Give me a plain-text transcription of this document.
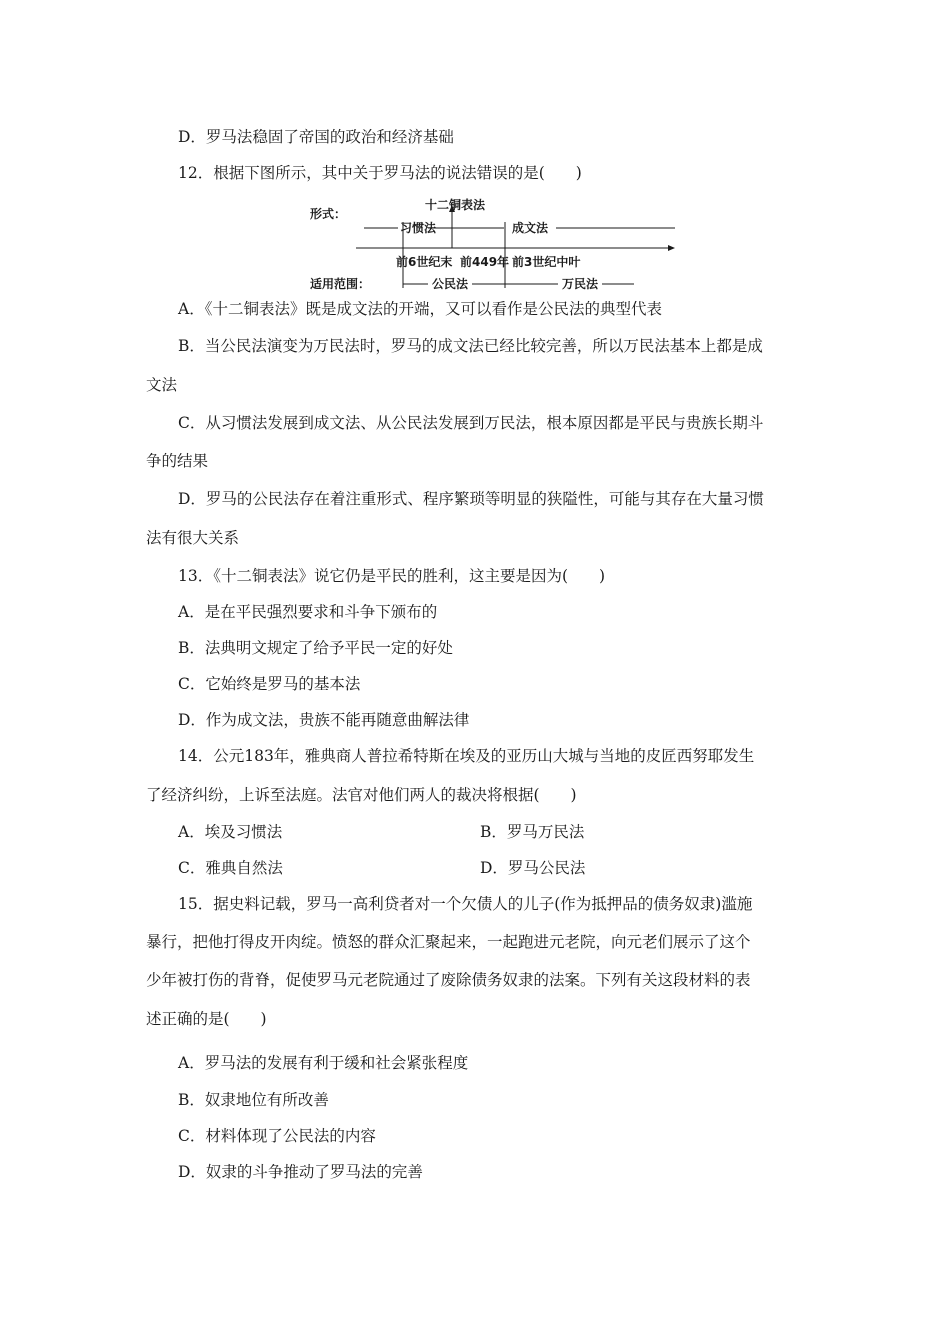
D．罗马法稳固了帝国的政治和经济基础
12．根据下图所示，其中关于罗马法的说法错误的是(　　)
形式：
十二铜表法
习惯法	成文法
前6世纪末 前449年 前3世纪中叶
适用范围：	公民法	万民法
A．《十二铜表法》既是成文法的开端，又可以看作是公民法的典型代表
B．当公民法演变为万民法时，罗马的成文法已经比较完善，所以万民法基本上都是成
文法
C．从习惯法发展到成文法、从公民法发展到万民法，根本原因都是平民与贵族长期斗
争的结果
D．罗马的公民法存在着注重形式、程序繁琐等明显的狭隘性，可能与其存在大量习惯
法有很大关系
13．《十二铜表法》说它仍是平民的胜利，这主要是因为(　　)
A．是在平民强烈要求和斗争下颁布的
B．法典明文规定了给予平民一定的好处
C．它始终是罗马的基本法
D．作为成文法，贵族不能再随意曲解法律
14．公元183年，雅典商人普拉希特斯在埃及的亚历山大城与当地的皮匠西努耶发生
了经济纠纷，上诉至法庭。法官对他们两人的裁决将根据(　　)
A．埃及习惯法	B．罗马万民法
C．雅典自然法	D．罗马公民法
15．据史料记载，罗马一高利贷者对一个欠债人的儿子(作为抵押品的债务奴隶)滥施
暴行，把他打得皮开肉绽。愤怒的群众汇聚起来，一起跑进元老院，向元老们展示了这个
少年被打伤的背脊，促使罗马元老院通过了废除债务奴隶的法案。下列有关这段材料的表
述正确的是(　　)
A．罗马法的发展有利于缓和社会紧张程度
B．奴隶地位有所改善
C．材料体现了公民法的内容
D．奴隶的斗争推动了罗马法的完善
